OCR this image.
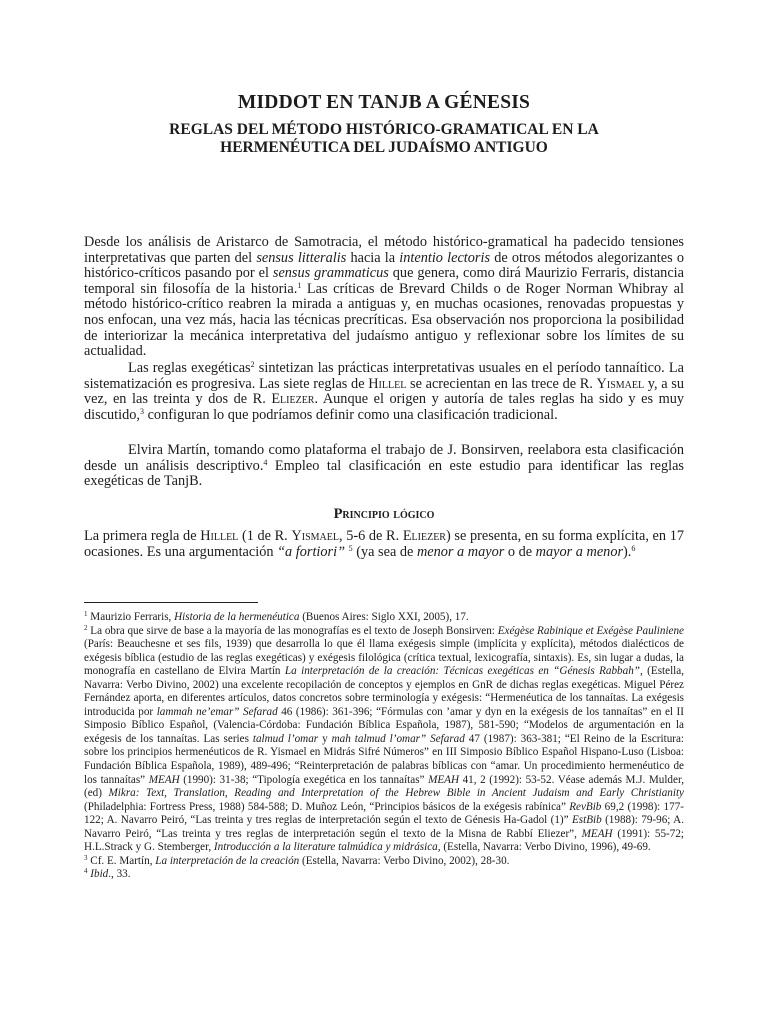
MIDDOT EN TANJB A GÉNESIS
REGLAS DEL MÉTODO HISTÓRICO-GRAMATICAL EN LA
HERMENÉUTICA DEL JUDAÍSMO ANTIGUO

Desde los análisis de Aristarco de Samotracia, el método histórico-gramatical ha padecido tensiones interpretativas que parten del sensus litteralis hacia la intentio lectoris de otros métodos alegorizantes o histórico-críticos pasando por el sensus grammaticus que genera, como dirá Maurizio Ferraris, distancia temporal sin filosofía de la historia.$^1$ Las críticas de Brevard Childs o de Roger Norman Whibray al método histórico-crítico reabren la mirada a antiguas y, en muchas ocasiones, renovadas propuestas y nos enfocan, una vez más, hacia las técnicas precríticas. Esa observación nos proporciona la posibilidad de interiorizar la mecánica interpretativa del judaísmo antiguo y reflexionar sobre los límites de su actualidad.

Las reglas exegéticas$^2$ sintetizan las prácticas interpretativas usuales en el período tannaítico. La sistematización es progresiva. Las siete reglas de Hillel se acrecientan en las trece de R. Yismael y, a su vez, en las treinta y dos de R. Eliezer. Aunque el origen y autoría de tales reglas ha sido y es muy discutido,$^3$ configuran lo que podríamos definir como una clasificación tradicional.

Elvira Martín, tomando como plataforma el trabajo de J. Bonsirven, reelabora esta clasificación desde un análisis descriptivo.$^4$ Empleo tal clasificación en este estudio para identificar las reglas exegéticas de TanjB.

Principio lógico

La primera regla de Hillel (1 de R. Yismael, 5-6 de R. Eliezer) se presenta, en su forma explícita, en 17 ocasiones. Es una argumentación “a fortiori” $^5$ (ya sea de menor a mayor o de mayor a menor).$^6$

$^1$ Maurizio Ferraris, Historia de la hermenéutica (Buenos Aires: Siglo XXI, 2005), 17.

$^2$ La obra que sirve de base a la mayoría de las monografías es el texto de Joseph Bonsirven: Exégèse Rabinique et Exégèse Pauliniene (París: Beauchesne et ses fils, 1939) que desarrolla lo que él llama exégesis simple (implícita y explícita), métodos dialécticos de exégesis bíblica (estudio de las reglas exegéticas) y exégesis filológica (crítica textual, lexicografía, sintaxis). Es, sin lugar a dudas, la monografía en castellano de Elvira Martín La interpretación de la creación: Técnicas exegéticas en “Génesis Rabbah”, (Estella, Navarra: Verbo Divino, 2002) una excelente recopilación de conceptos y ejemplos en GnR de dichas reglas exegéticas. Miguel Pérez Fernández aporta, en diferentes artículos, datos concretos sobre terminología y exégesis: “Hermenéutica de los tannaítas. La exégesis introducida por lammah ne’emar” Sefarad 46 (1986): 361-396; “Fórmulas con ’amar y dyn en la exégesis de los tannaítas” en el II Simposio Bíblico Español, (Valencia-Córdoba: Fundación Bíblica Española, 1987), 581-590; “Modelos de argumentación en la exégesis de los tannaítas. Las series talmud l’omar y mah talmud l’omar” Sefarad 47 (1987): 363-381; “El Reino de la Escritura: sobre los principios hermenéuticos de R. Yismael en Midrás Sifré Números” en III Simposio Bíblico Español Hispano-Luso (Lisboa: Fundación Bíblica Española, 1989), 489-496; “Reinterpretación de palabras bíblicas con “amar. Un procedimiento hermenéutico de los tannaítas” MEAH (1990): 31-38; “Tipología exegética en los tannaítas” MEAH 41, 2 (1992): 53-52. Véase además M.J. Mulder, (ed) Mikra: Text, Translation, Reading and Interpretation of the Hebrew Bible in Ancient Judaism and Early Christianity (Philadelphia: Fortress Press, 1988) 584-588; D. Muñoz León, “Principios básicos de la exégesis rabínica” RevBib 69,2 (1998): 177-122; A. Navarro Peiró, “Las treinta y tres reglas de interpretación según el texto de Génesis Ha-Gadol (1)” EstBib (1988): 79-96; A. Navarro Peiró, “Las treinta y tres reglas de interpretación según el texto de la Misna de Rabbí Eliezer”, MEAH (1991): 55-72; H.L.Strack y G. Stemberger, Introducción a la literature talmúdica y midrásica, (Estella, Navarra: Verbo Divino, 1996), 49-69.

$^3$ Cf. E. Martín, La interpretación de la creación (Estella, Navarra: Verbo Divino, 2002), 28-30.

$^4$ Ibid., 33.
